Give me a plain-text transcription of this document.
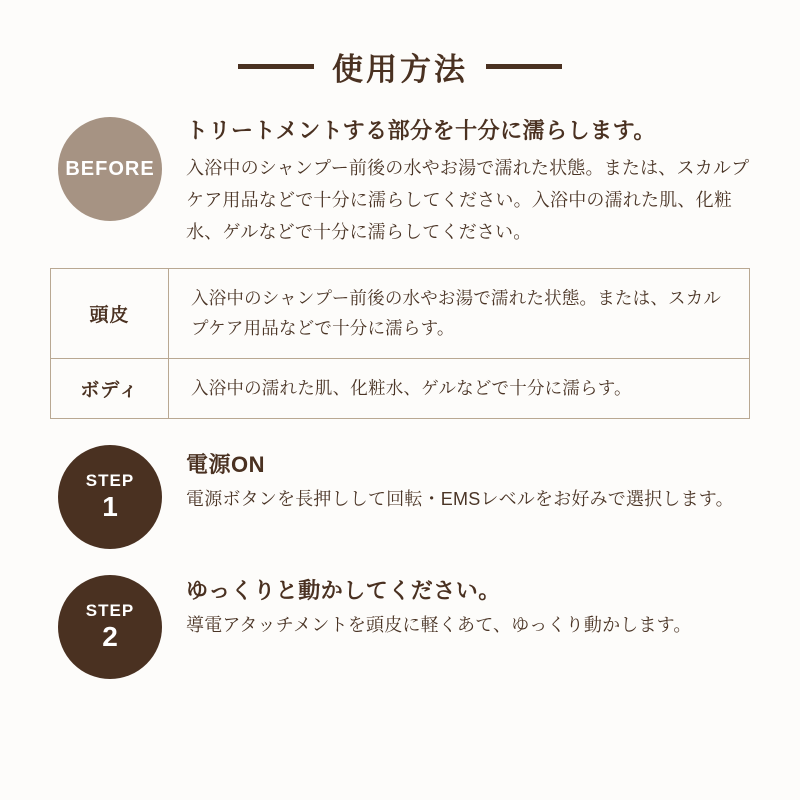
使用方法
BEFORE

トリートメントする部分を十分に濡らします。

入浴中のシャンプー前後の水やお湯で濡れた状態。または、スカルプケア用品などで十分に濡らしてください。入浴中の濡れた肌、化粧水、ゲルなどで十分に濡らしてください。

頭皮
入浴中のシャンプー前後の水やお湯で濡れた状態。または、スカルプケア用品などで十分に濡らす。
ボディ	入浴中の濡れた肌、化粧水、ゲルなどで十分に濡らす。
STEP
1

電源ON

電源ボタンを長押しして回転・EMSレベルをお好みで選択します。

STEP
2

ゆっくりと動かしてください。

導電アタッチメントを頭皮に軽くあて、ゆっくり動かします。
